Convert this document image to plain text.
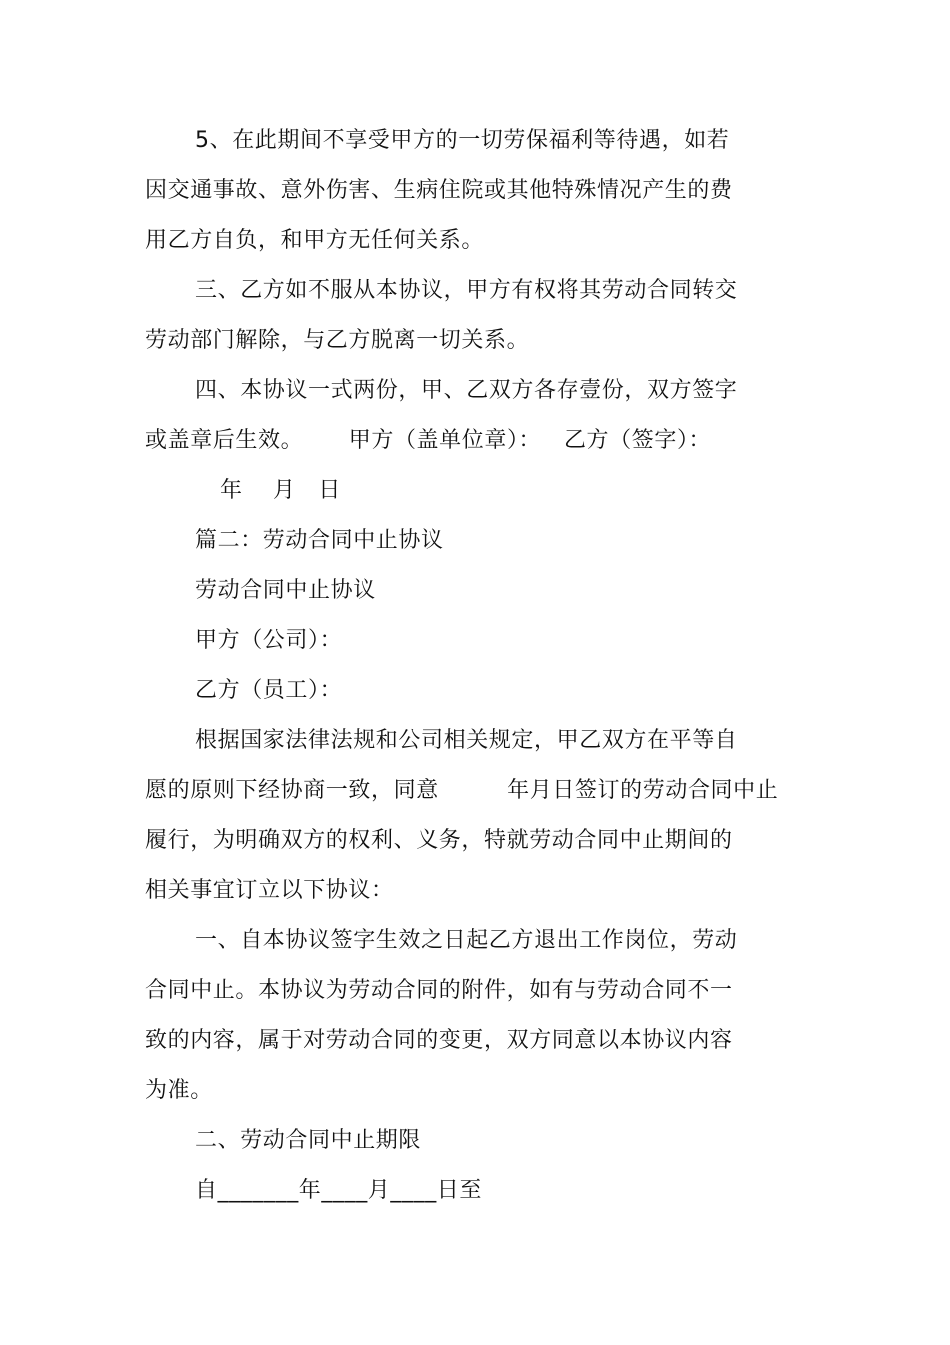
5、在此期间不享受甲方的一切劳保福利等待遇，如若
因交通事故、意外伤害、生病住院或其他特殊情况产生的费
用乙方自负，和甲方无任何关系。
三、乙方如不服从本协议，甲方有权将其劳动合同转交
劳动部门解除，与乙方脱离一切关系。
四、本协议一式两份，甲、乙双方各存壹份，双方签字
或盖章后生效。      甲方（盖单位章）：   乙方（签字）：
年    月   日
篇二：劳动合同中止协议
劳动合同中止协议
甲方（公司）：
乙方（员工）：
根据国家法律法规和公司相关规定，甲乙双方在平等自
愿的原则下经协商一致，同意         年月日签订的劳动合同中止
履行，为明确双方的权利、义务，特就劳动合同中止期间的
相关事宜订立以下协议：
一、自本协议签字生效之日起乙方退出工作岗位，劳动
合同中止。本协议为劳动合同的附件，如有与劳动合同不一
致的内容，属于对劳动合同的变更，双方同意以本协议内容
为准。
二、劳动合同中止期限
自_______年____月____日至
